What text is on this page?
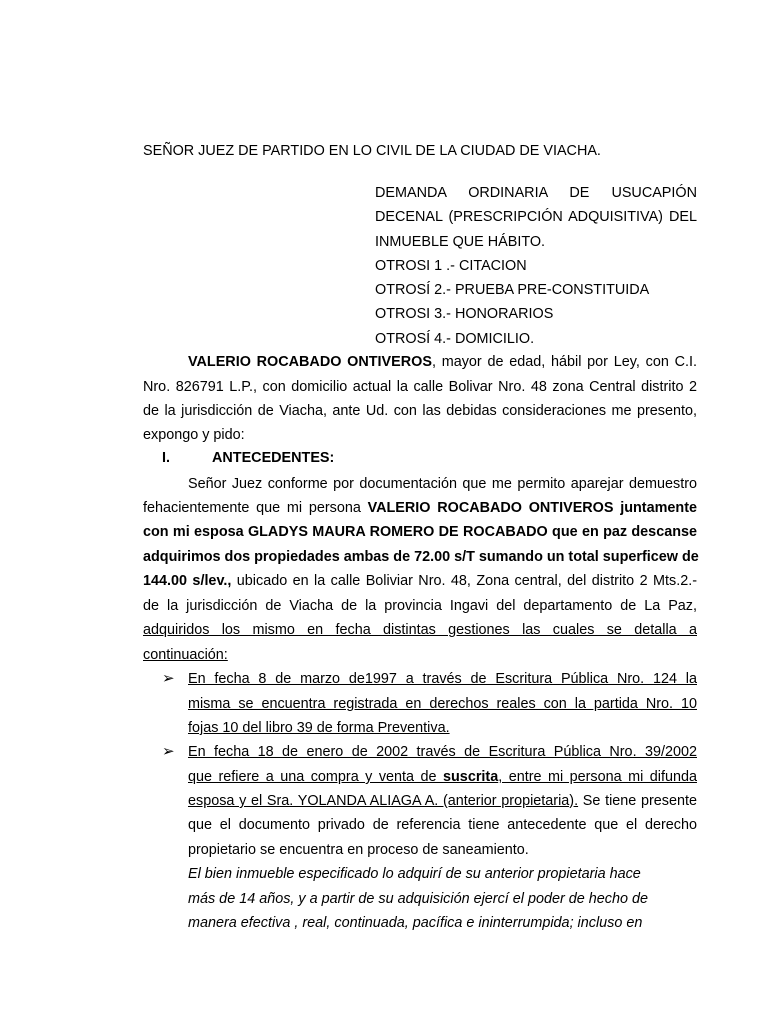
SEÑOR JUEZ DE PARTIDO EN LO CIVIL DE LA CIUDAD DE VIACHA.
DEMANDA ORDINARIA DE USUCAPIÓN
DECENAL (PRESCRIPCIÓN ADQUISITIVA) DEL
INMUEBLE QUE HÁBITO.
OTROSI 1 .- CITACION
OTROSÍ 2.- PRUEBA PRE-CONSTITUIDA
OTROSI 3.- HONORARIOS
OTROSÍ 4.- DOMICILIO.
VALERIO ROCABADO ONTIVEROS, mayor de edad, hábil por Ley, con C.I.
Nro. 826791 L.P., con domicilio actual la calle Bolivar Nro. 48 zona Central distrito 2
de la jurisdicción de Viacha, ante Ud. con las debidas consideraciones me presento,
expongo y pido:
I.	ANTECEDENTES:
Señor Juez conforme por documentación que me permito aparejar demuestro
fehacientemente que mi persona VALERIO ROCABADO ONTIVEROS juntamente
con mi esposa GLADYS MAURA ROMERO DE ROCABADO que en paz descanse
adquirimos dos propiedades ambas de 72.00 s/T sumando un total superficew de
144.00 s/lev., ubicado en la calle Boliviar Nro. 48, Zona central, del distrito 2 Mts.2.-
de la jurisdicción de Viacha de la provincia Ingavi del departamento de La Paz,
adquiridos los mismo en fecha distintas gestiones las cuales se detalla a
continuación:
➢ En fecha 8 de marzo de1997 a través de Escritura Pública Nro. 124 la
misma se encuentra registrada en derechos reales con la partida Nro. 10
fojas 10 del libro 39 de forma Preventiva.
➢ En fecha 18 de enero de 2002 través de Escritura Pública Nro. 39/2002
que refiere a una compra y venta de suscrita, entre mi persona mi difunda
esposa y el Sra. YOLANDA ALIAGA A. (anterior propietaria). Se tiene presente
que el documento privado de referencia tiene antecedente que el derecho
propietario se encuentra en proceso de saneamiento.
El bien inmueble especificado lo adquirí de su anterior propietaria hace
más de 14 años, y a partir de su adquisición ejercí el poder de hecho de
manera efectiva , real, continuada, pacífica e ininterrumpida; incluso en
